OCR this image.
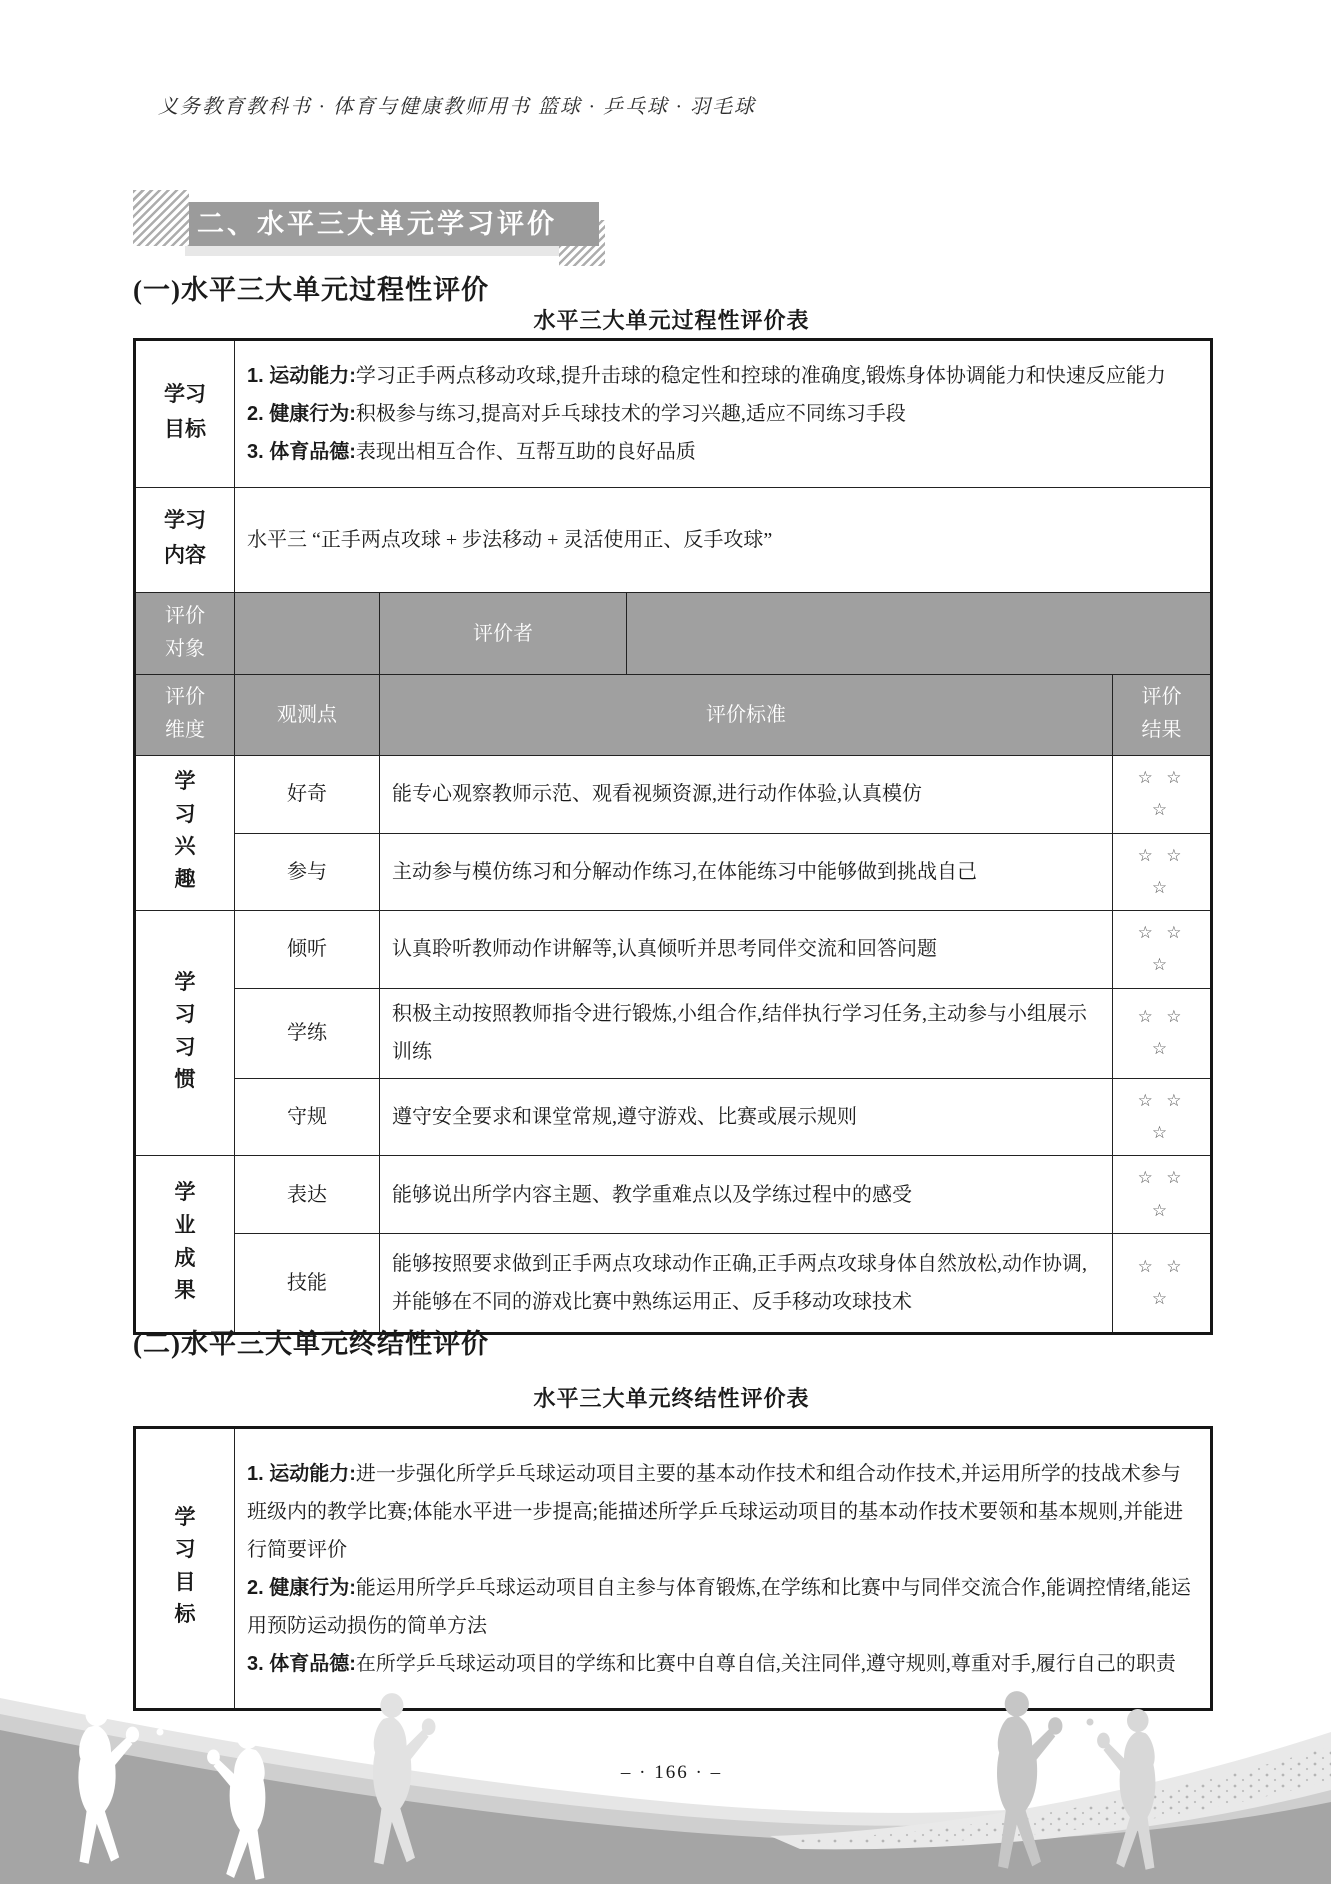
义务教育教科书 · 体育与健康教师用书 篮球 · 乒乓球 · 羽毛球
二、水平三大单元学习评价
(一)水平三大单元过程性评价
水平三大单元过程性评价表
学习目标	1. 运动能力:学习正手两点移动攻球,提升击球的稳定性和控球的准确度,锻炼身体协调能力和快速反应能力

2. 健康行为:积极参与练习,提高对乒乓球技术的学习兴趣,适应不同练习手段

3. 体育品德:表现出相互合作、互帮互助的良好品质			

学习内容	水平三 “正手两点攻球 + 步法移动 + 灵活使用正、反手攻球”			
评价对象		评价者		
评价维度	观测点	评价标准		评价结果
学习兴趣	好奇	能专心观察教师示范、观看视频资源,进行动作体验,认真模仿		☆ ☆ ☆
	参与	主动参与模仿练习和分解动作练习,在体能练习中能够做到挑战自己		☆ ☆ ☆
学习习惯	倾听	认真聆听教师动作讲解等,认真倾听并思考同伴交流和回答问题		☆ ☆ ☆
	学练	积极主动按照教师指令进行锻炼,小组合作,结伴执行学习任务,主动参与小组展示训练		☆ ☆ ☆
	守规	遵守安全要求和课堂常规,遵守游戏、比赛或展示规则		☆ ☆ ☆
学业成果	表达	能够说出所学内容主题、教学重难点以及学练过程中的感受		☆ ☆ ☆
	技能	能够按照要求做到正手两点攻球动作正确,正手两点攻球身体自然放松,动作协调,并能够在不同的游戏比赛中熟练运用正、反手移动攻球技术		☆ ☆ ☆
(二)水平三大单元终结性评价
水平三大单元终结性评价表
学习目标	

1. 运动能力:进一步强化所学乒乓球运动项目主要的基本动作技术和组合动作技术,并运用所学的技战术参与班级内的教学比赛;体能水平进一步提高;能描述所学乒乓球运动项目的基本动作技术要领和基本规则,并能进行简要评价

2. 健康行为:能运用所学乒乓球运动项目自主参与体育锻炼,在学练和比赛中与同伴交流合作,能调控情绪,能运用预防运动损伤的简单方法

3. 体育品德:在所学乒乓球运动项目的学练和比赛中自尊自信,关注同伴,遵守规则,尊重对手,履行自己的职责

– · 166 · –
